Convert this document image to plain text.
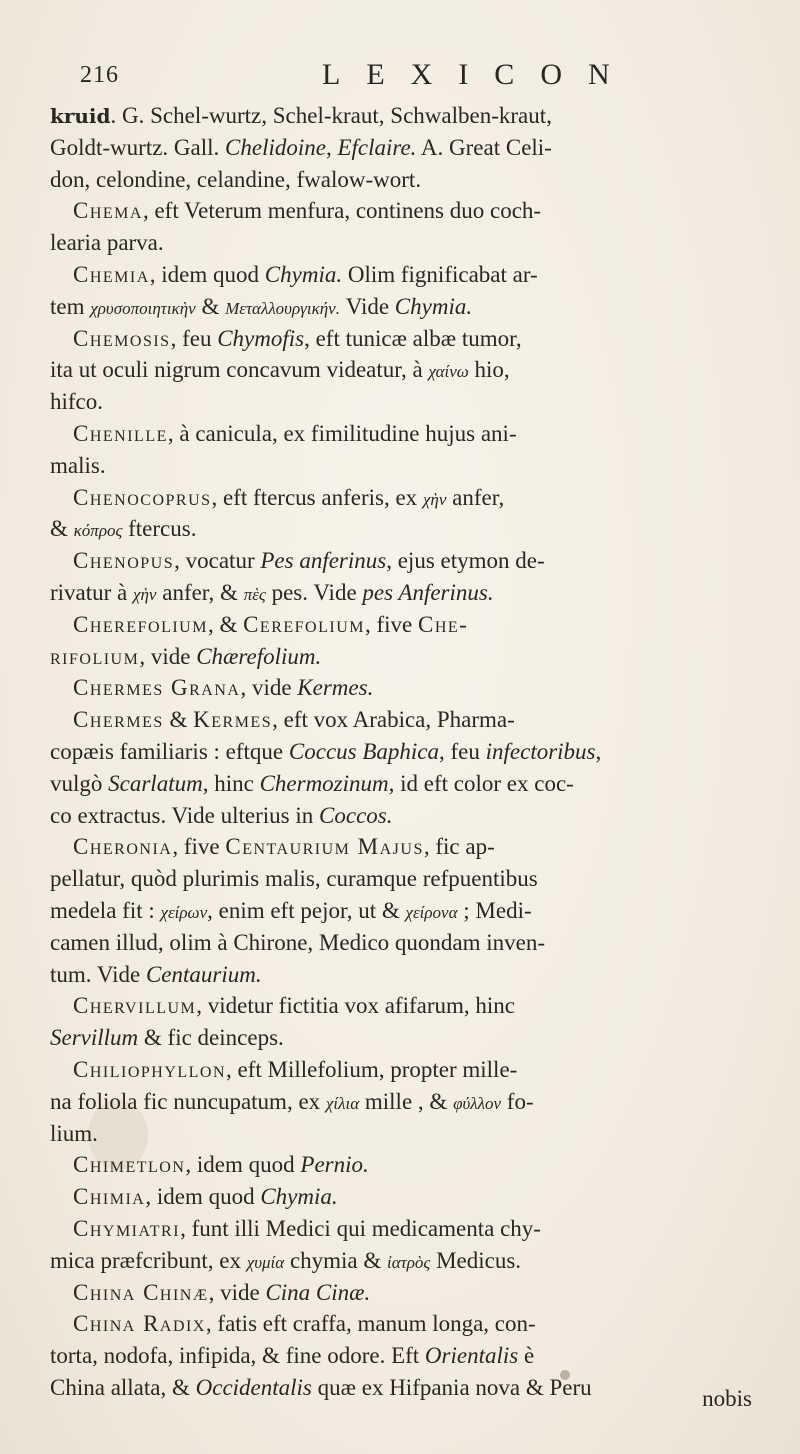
216	LEXICON
kruid. G. Schel-wurtz, Schel-kraut, Schwalben-kraut,
Goldt-wurtz. Gall. Chelidoine, Efclaire. A. Great Celi-
don, celondine, celandine, fwalow-wort.
 Chema, eft Veterum menfura, continens duo coch-
learia parva.
 Chemia, idem quod Chymia. Olim fignificabat ar-
tem χρυσοποιητικὴν & Μεταλλουργικήν. Vide Chymia.
 Chemosis, feu Chymofis, eft tunicæ albæ tumor,
ita ut oculi nigrum concavum videatur, à χαίνω hio,
hifco.
 Chenille, à canicula, ex fimilitudine hujus ani-
malis.
 Chenocoprus, eft ftercus anferis, ex χὴν anfer,
& κόπρος ftercus.
 Chenopus, vocatur Pes anferinus, ejus etymon de-
rivatur à χὴν anfer, & πὲς pes. Vide pes Anferinus.
 Cherefolium, & Cerefolium, five Che-
rifolium, vide Chærefolium.
 Chermes Grana, vide Kermes.
 Chermes & Kermes, eft vox Arabica, Pharma-
copæis familiaris : eftque Coccus Baphica, feu infectoribus,
vulgò Scarlatum, hinc Chermozinum, id eft color ex coc-
co extractus. Vide ulterius in Coccos.
 Cheronia, five Centaurium Majus, fic ap-
pellatur, quòd plurimis malis, curamque refpuentibus
medela fit : χείρων, enim eft pejor, ut & χείρονα ; Medi-
camen illud, olim à Chirone, Medico quondam inven-
tum. Vide Centaurium.
 Chervillum, videtur fictitia vox afifarum, hinc
Servillum & fic deinceps.
 Chiliophyllon, eft Millefolium, propter mille-
na foliola fic nuncupatum, ex χίλια mille , & φύλλον fo-
lium.
 Chimetlon, idem quod Pernio.
 Chimia, idem quod Chymia.
 Chymiatri, funt illi Medici qui medicamenta chy-
mica præfcribunt, ex χυμία chymia & ἰατρὸς Medicus.
 China Chinæ, vide Cina Cinæ.
 China Radix, fatis eft craffa, manum longa, con-
torta, nodofa, infipida, & fine odore. Eft Orientalis è
China allata, & Occidentalis quæ ex Hifpania nova & Peru	nobis
